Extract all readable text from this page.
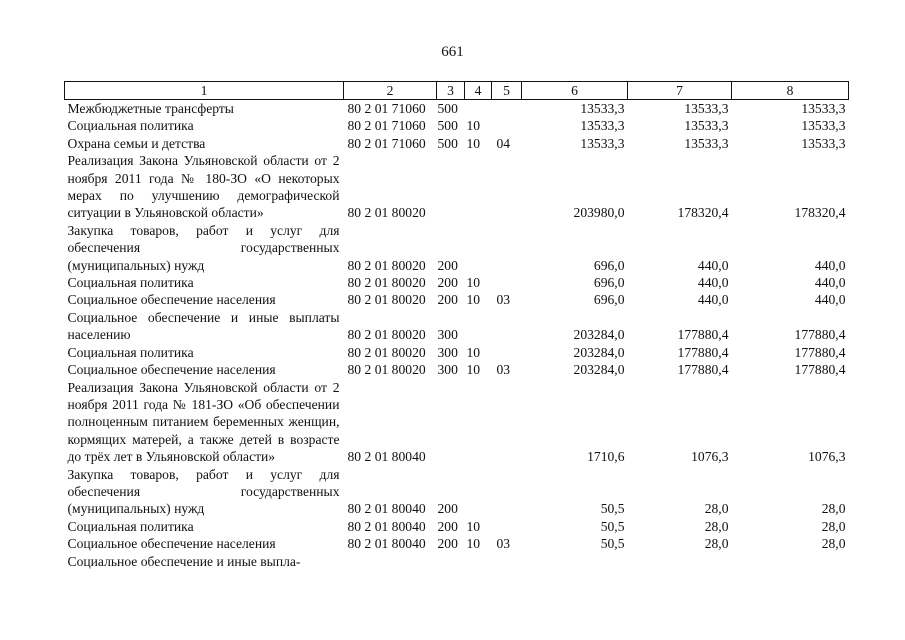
661
1	2	3	4	5	6	7	8
Межбюджетные трансферты	80 2 01 71060	500			13533,3	13533,3	13533,3
Социальная политика	80 2 01 71060	500	10		13533,3	13533,3	13533,3
Охрана семьи и детства	80 2 01 71060	500	10	04	13533,3	13533,3	13533,3
Реализация Закона Ульяновской области от 2 ноября 2011 года № 180-ЗО «О некоторых мерах по улучшению демографической ситуации в Ульяновской области»	80 2 01 80020				203980,0	178320,4	178320,4
Закупка товаров, работ и услуг для обеспечения государственных (муниципальных) нужд	80 2 01 80020	200			696,0	440,0	440,0
Социальная политика	80 2 01 80020	200	10		696,0	440,0	440,0
Социальное обеспечение населения	80 2 01 80020	200	10	03	696,0	440,0	440,0
Социальное обеспечение и иные выплаты населению	80 2 01 80020	300			203284,0	177880,4	177880,4
Социальная политика	80 2 01 80020	300	10		203284,0	177880,4	177880,4
Социальное обеспечение населения	80 2 01 80020	300	10	03	203284,0	177880,4	177880,4
Реализация Закона Ульяновской области от 2 ноября 2011 года № 181-ЗО «Об обеспечении полноценным питанием беременных женщин, кормящих матерей, а также детей в возрасте до трёх лет в Ульяновской области»	80 2 01 80040				1710,6	1076,3	1076,3
Закупка товаров, работ и услуг для обеспечения государственных (муниципальных) нужд	80 2 01 80040	200			50,5	28,0	28,0
Социальная политика	80 2 01 80040	200	10		50,5	28,0	28,0
Социальное обеспечение населения	80 2 01 80040	200	10	03	50,5	28,0	28,0
Социальное обеспечение и иные выпла-							
